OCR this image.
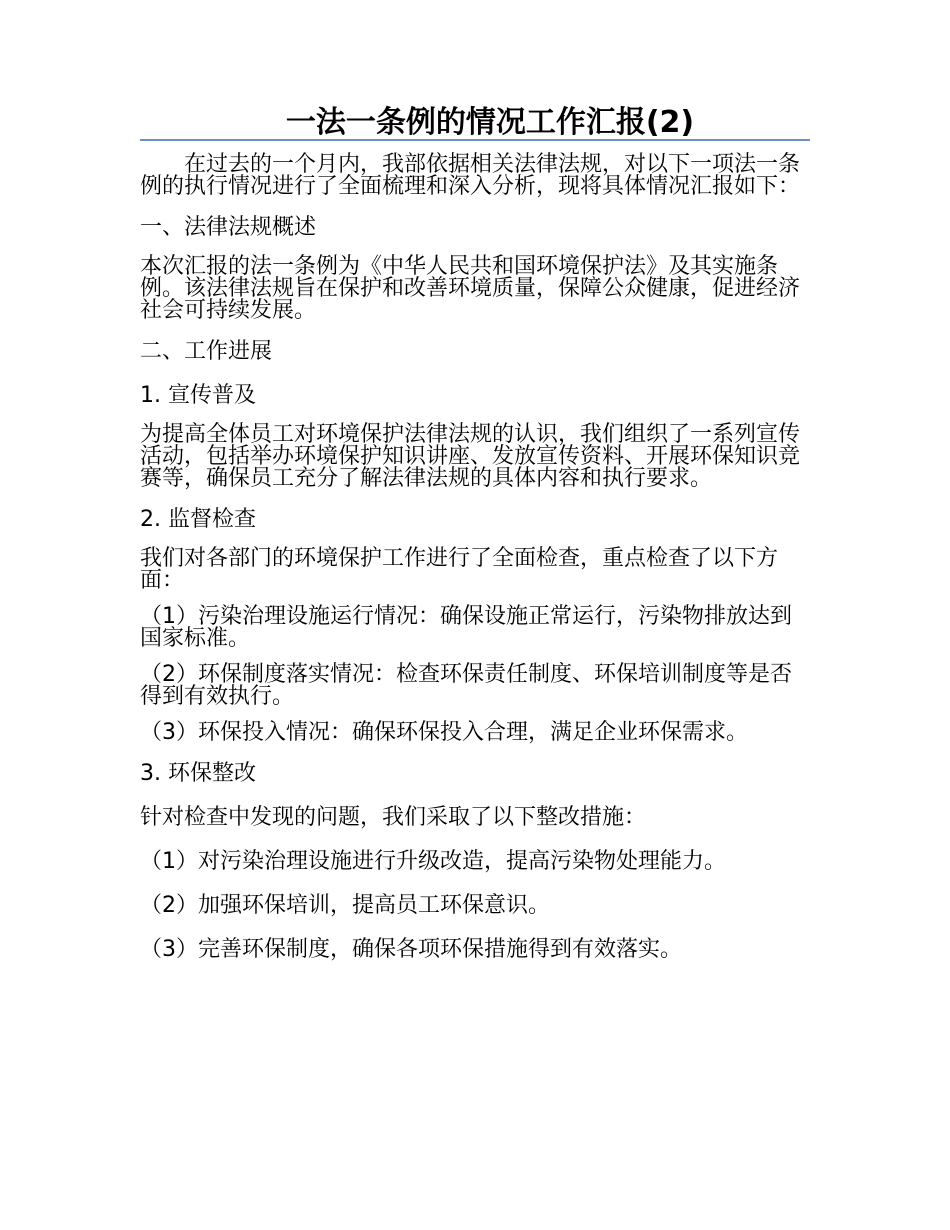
一法一条例的情况工作汇报(2)

在过去的一个月内，我部依据相关法律法规，对以下一项法一条例的执行情况进行了全面梳理和深入分析，现将具体情况汇报如下：

一、法律法规概述

本次汇报的法一条例为《中华人民共和国环境保护法》及其实施条例。该法律法规旨在保护和改善环境质量，保障公众健康，促进经济社会可持续发展。

二、工作进展

1. 宣传普及

为提高全体员工对环境保护法律法规的认识，我们组织了一系列宣传活动，包括举办环境保护知识讲座、发放宣传资料、开展环保知识竞赛等，确保员工充分了解法律法规的具体内容和执行要求。

2. 监督检查

我们对各部门的环境保护工作进行了全面检查，重点检查了以下方面：

（1）污染治理设施运行情况：确保设施正常运行，污染物排放达到国家标准。

（2）环保制度落实情况：检查环保责任制度、环保培训制度等是否得到有效执行。

（3）环保投入情况：确保环保投入合理，满足企业环保需求。

3. 环保整改

针对检查中发现的问题，我们采取了以下整改措施：

（1）对污染治理设施进行升级改造，提高污染物处理能力。

（2）加强环保培训，提高员工环保意识。

（3）完善环保制度，确保各项环保措施得到有效落实。
